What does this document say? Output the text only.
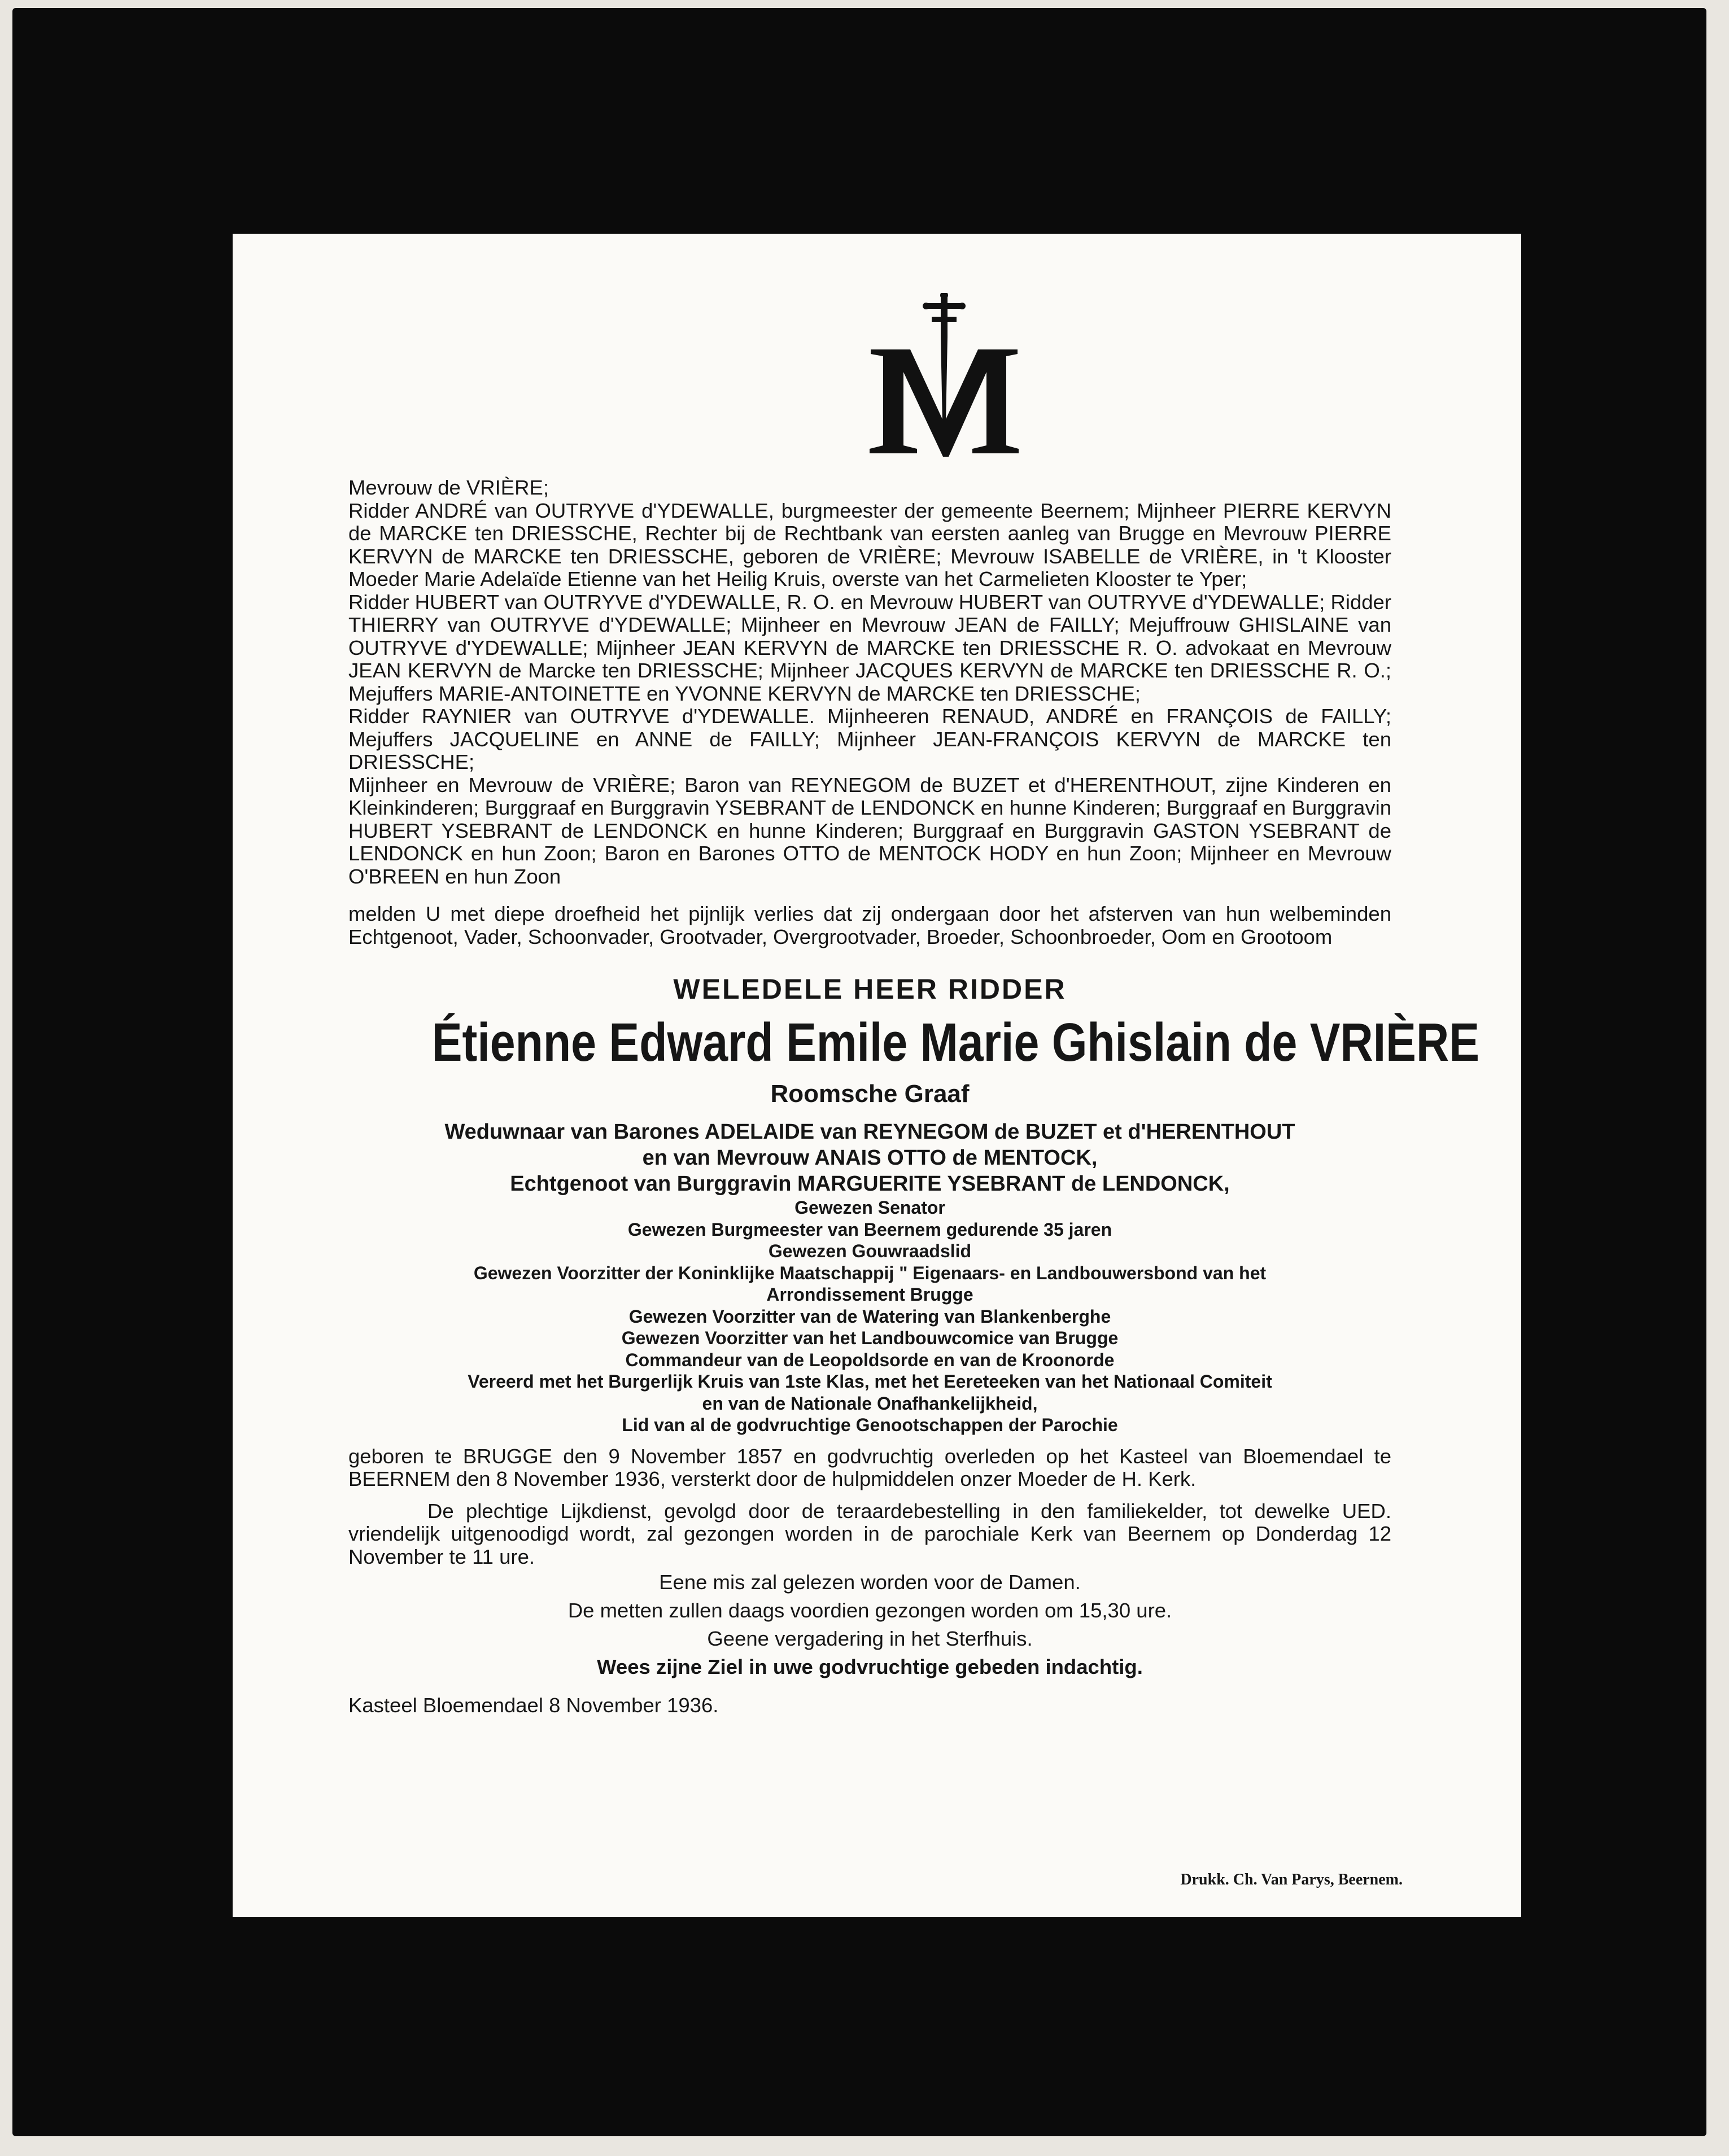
Mevrouw de VRIÈRE;

Ridder ANDRÉ van OUTRYVE d'YDEWALLE, burgmeester der gemeente Beernem; Mijnheer PIERRE KERVYN de MARCKE ten DRIESSCHE, Rechter bij de Rechtbank van eersten aanleg van Brugge en Mevrouw PIERRE KERVYN de MARCKE ten DRIESSCHE, geboren de VRIÈRE; Mevrouw ISABELLE de VRIÈRE, in 't Klooster Moeder Marie Adelaïde Etienne van het Heilig Kruis, overste van het Carmelieten Klooster te Yper;

Ridder HUBERT van OUTRYVE d'YDEWALLE, R. O. en Mevrouw HUBERT van OUTRYVE d'YDEWALLE; Ridder THIERRY van OUTRYVE d'YDEWALLE; Mijnheer en Mevrouw JEAN de FAILLY; Mejuffrouw GHISLAINE van OUTRYVE d'YDEWALLE; Mijnheer JEAN KERVYN de MARCKE ten DRIESSCHE R. O. advokaat en Mevrouw JEAN KERVYN de Marcke ten DRIESSCHE; Mijnheer JACQUES KERVYN de MARCKE ten DRIESSCHE R. O.; Mejuffers MARIE-ANTOINETTE en YVONNE KERVYN de MARCKE ten DRIESSCHE;

Ridder RAYNIER van OUTRYVE d'YDEWALLE. Mijnheeren RENAUD, ANDRÉ en FRANÇOIS de FAILLY; Mejuffers JACQUELINE en ANNE de FAILLY; Mijnheer JEAN-FRANÇOIS KERVYN de MARCKE ten DRIESSCHE;

Mijnheer en Mevrouw de VRIÈRE; Baron van REYNEGOM de BUZET et d'HERENTHOUT, zijne Kinderen en Kleinkinderen; Burggraaf en Burggravin YSEBRANT de LENDONCK en hunne Kinderen; Burggraaf en Burggravin HUBERT YSEBRANT de LENDONCK en hunne Kinderen; Burggraaf en Burggravin GASTON YSEBRANT de LENDONCK en hun Zoon; Baron en Barones OTTO de MENTOCK HODY en hun Zoon; Mijnheer en Mevrouw O'BREEN en hun Zoon

melden U met diepe droefheid het pijnlijk verlies dat zij ondergaan door het afsterven van hun welbeminden Echtgenoot, Vader, Schoonvader, Grootvader, Overgrootvader, Broeder, Schoonbroeder, Oom en Grootoom

WELEDELE HEER RIDDER

Étienne Edward Emile Marie Ghislain de VRIÈRE

Roomsche Graaf

Weduwnaar van Barones ADELAIDE van REYNEGOM de BUZET et d'HERENTHOUT

en van Mevrouw ANAIS OTTO de MENTOCK,

Echtgenoot van Burggravin MARGUERITE YSEBRANT de LENDONCK,

Gewezen Senator

Gewezen Burgmeester van Beernem gedurende 35 jaren

Gewezen Gouwraadslid

Gewezen Voorzitter der Koninklijke Maatschappij " Eigenaars- en Landbouwersbond van het

Arrondissement Brugge

Gewezen Voorzitter van de Watering van Blankenberghe

Gewezen Voorzitter van het Landbouwcomice van Brugge

Commandeur van de Leopoldsorde en van de Kroonorde

Vereerd met het Burgerlijk Kruis van 1ste Klas, met het Eereteeken van het Nationaal Comiteit

en van de Nationale Onafhankelijkheid,

Lid van al de godvruchtige Genootschappen der Parochie

geboren te BRUGGE den 9 November 1857 en godvruchtig overleden op het Kasteel van Bloemendael te BEERNEM den 8 November 1936, versterkt door de hulpmiddelen onzer Moeder de H. Kerk.

De plechtige Lijkdienst, gevolgd door de teraardebestelling in den familiekelder, tot dewelke UED. vriendelijk uitgenoodigd wordt, zal gezongen worden in de parochiale Kerk van Beernem op Donderdag 12 November te 11 ure.

Eene mis zal gelezen worden voor de Damen.

De metten zullen daags voordien gezongen worden om 15,30 ure.

Geene vergadering in het Sterfhuis.

Wees zijne Ziel in uwe godvruchtige gebeden indachtig.

Kasteel Bloemendael 8 November 1936.

Drukk. Ch. Van Parys, Beernem.
